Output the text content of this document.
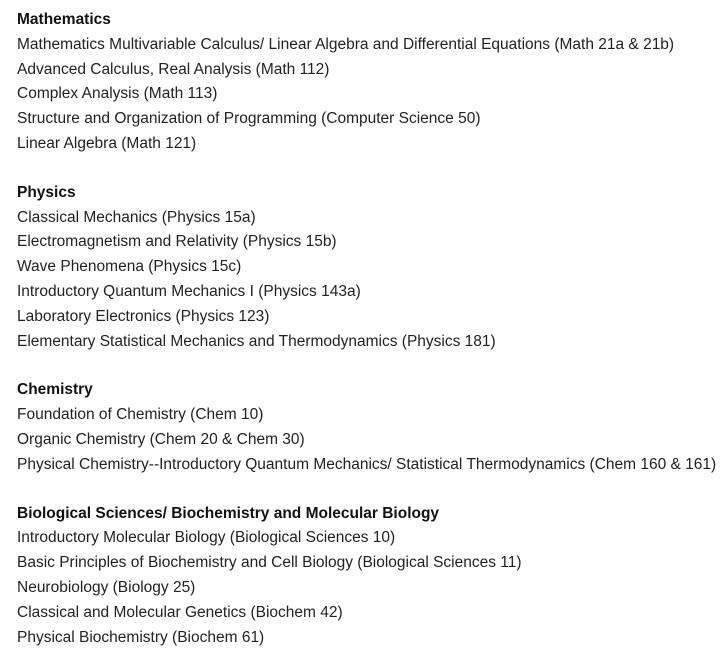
Mathematics
Mathematics Multivariable Calculus/ Linear Algebra and Differential Equations (Math 21a & 21b)
Advanced Calculus, Real Analysis (Math 112)
Complex Analysis (Math 113)
Structure and Organization of Programming (Computer Science 50)
Linear Algebra (Math 121)
Physics
Classical Mechanics (Physics 15a)
Electromagnetism and Relativity (Physics 15b)
Wave Phenomena (Physics 15c)
Introductory Quantum Mechanics I (Physics 143a)
Laboratory Electronics (Physics 123)
Elementary Statistical Mechanics and Thermodynamics (Physics 181)
Chemistry
Foundation of Chemistry (Chem 10)
Organic Chemistry (Chem 20 & Chem 30)
Physical Chemistry--Introductory Quantum Mechanics/ Statistical Thermodynamics (Chem 160 & 161)
Biological Sciences/ Biochemistry and Molecular Biology
Introductory Molecular Biology (Biological Sciences 10)
Basic Principles of Biochemistry and Cell Biology (Biological Sciences 11)
Neurobiology (Biology 25)
Classical and Molecular Genetics (Biochem 42)
Physical Biochemistry (Biochem 61)
